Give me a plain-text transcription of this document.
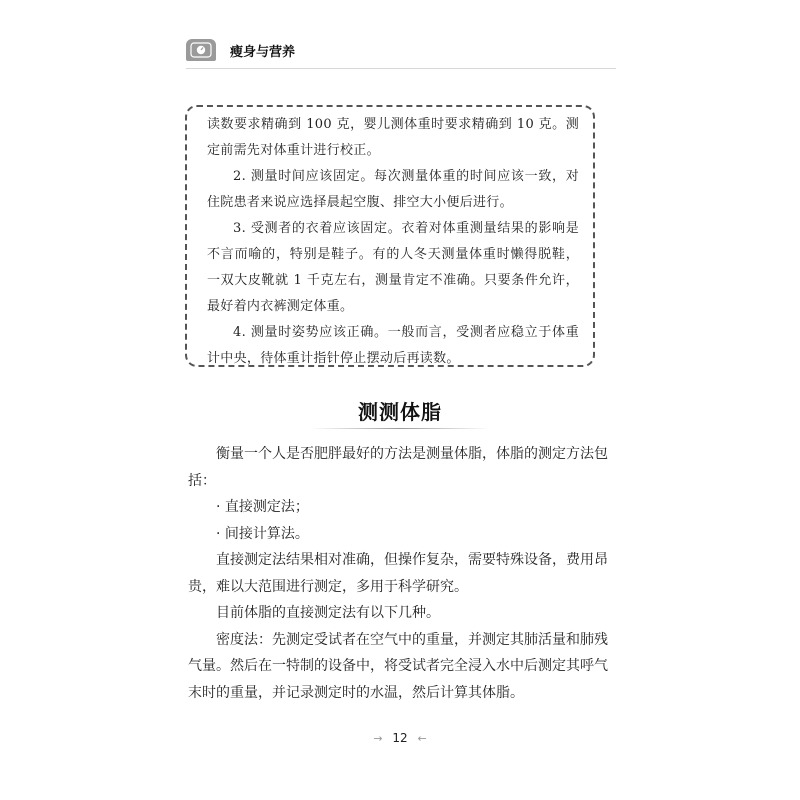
瘦身与营养

读数要求精确到 100 克，婴儿测体重时要求精确到 10 克。测定前需先对体重计进行校正。

2. 测量时间应该固定。每次测量体重的时间应该一致，对住院患者来说应选择晨起空腹、排空大小便后进行。

3. 受测者的衣着应该固定。衣着对体重测量结果的影响是不言而喻的，特别是鞋子。有的人冬天测量体重时懒得脱鞋，一双大皮靴就 1 千克左右，测量肯定不准确。只要条件允许，最好着内衣裤测定体重。

4. 测量时姿势应该正确。一般而言，受测者应稳立于体重计中央，待体重计指针停止摆动后再读数。

测测体脂

衡量一个人是否肥胖最好的方法是测量体脂，体脂的测定方法包括：

· 直接测定法；

· 间接计算法。

直接测定法结果相对准确，但操作复杂，需要特殊设备，费用昂贵，难以大范围进行测定，多用于科学研究。

目前体脂的直接测定法有以下几种。

密度法：先测定受试者在空气中的重量，并测定其肺活量和肺残气量。然后在一特制的设备中，将受试者完全浸入水中后测定其呼气末时的重量，并记录测定时的水温，然后计算其体脂。

→ 12 ←
